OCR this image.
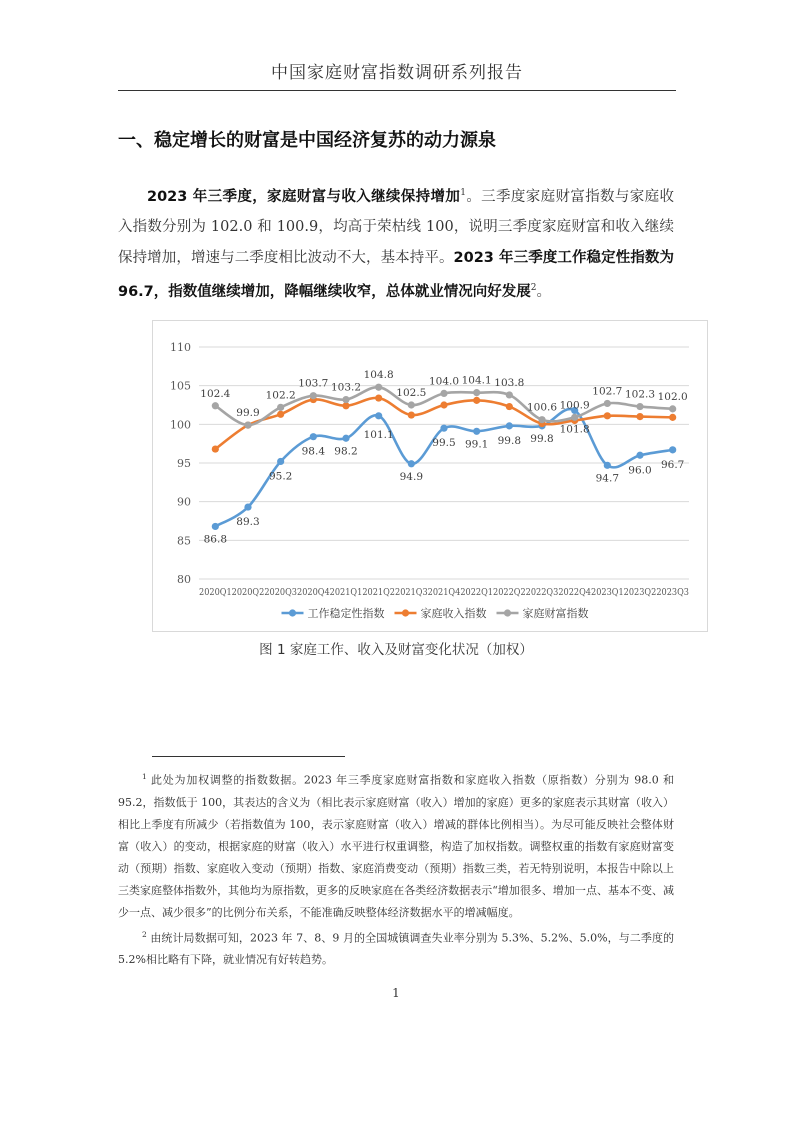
中国家庭财富指数调研系列报告
一、稳定增长的财富是中国经济复苏的动力源泉
2023 年三季度，家庭财富与收入继续保持增加$^1$。三季度家庭财富指数与家庭收入指数分别为 102.0 和 100.9，均高于荣枯线 100，说明三季度家庭财富和收入继续保持增加，增速与二季度相比波动不大，基本持平。2023 年三季度工作稳定性指数为 96.7，指数值继续增加，降幅继续收窄，总体就业情况向好发展$^2$。
80
85
90
95
100
105
110
2020Q1 2020Q2 2020Q3 2020Q4 2021Q1 2021Q2 2021Q3 2021Q4 2022Q1 2022Q2 2022Q3 2022Q4 2023Q1 2023Q2 2023Q3
86.8
89.3
95.2
98.4 98.2
101.1
94.9
99.5 99.1 99.8 99.8
101.8
94.7
96.0 96.7
102.4
99.9
102.2
103.7 103.2
104.8
102.5
104.0 104.1 103.8
100.6 100.9
102.7 102.3 102.0
工作稳定性指数	家庭收入指数	家庭财富指数
图 1 家庭工作、收入及财富变化状况（加权）

$^1$ 此处为加权调整的指数数据。2023 年三季度家庭财富指数和家庭收入指数（原指数）分别为 98.0 和 95.2，指数低于 100，其表达的含义为（相比表示家庭财富（收入）增加的家庭）更多的家庭表示其财富（收入）相比上季度有所减少（若指数值为 100，表示家庭财富（收入）增减的群体比例相当）。为尽可能反映社会整体财富（收入）的变动，根据家庭的财富（收入）水平进行权重调整，构造了加权指数。调整权重的指数有家庭财富变动（预期）指数、家庭收入变动（预期）指数、家庭消费变动（预期）指数三类，若无特别说明，本报告中除以上三类家庭整体指数外，其他均为原指数，更多的反映家庭在各类经济数据表示“增加很多、增加一点、基本不变、减少一点、减少很多”的比例分布关系，不能准确反映整体经济数据水平的增减幅度。

$^2$ 由统计局数据可知，2023 年 7、8、9 月的全国城镇调查失业率分别为 5.3%、5.2%、5.0%，与二季度的 5.2%相比略有下降，就业情况有好转趋势。

1
